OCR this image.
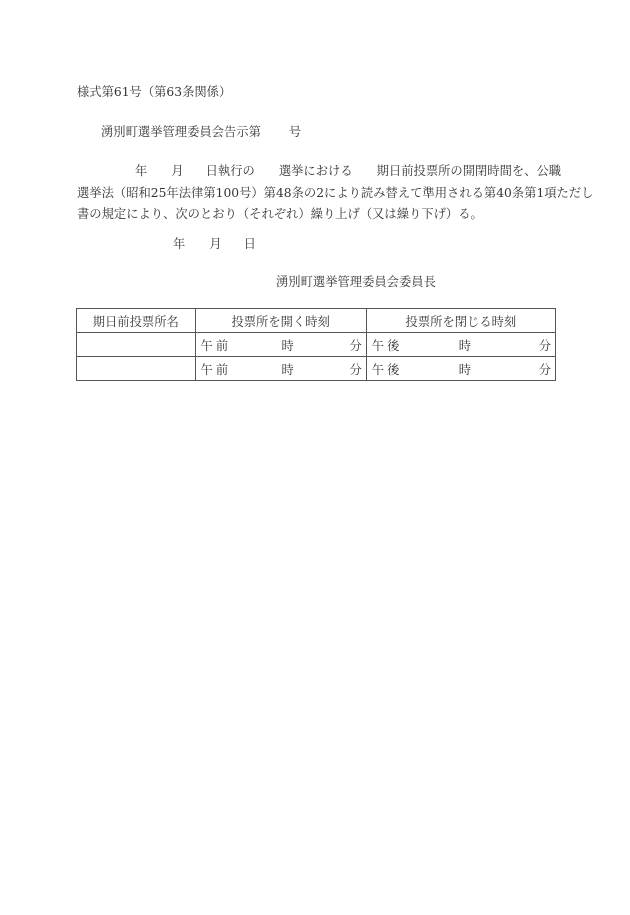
様式第61号（第63条関係）
湧別町選挙管理委員会告示第 号
年 月 日執行の 選挙における 期日前投票所の開閉時間を、公職
選挙法（昭和25年法律第100号）第48条の2により読み替えて準用される第40条第1項ただし
書の規定により、次のとおり（それぞれ）繰り上げ（又は繰り下げ）る。
年 月 日
湧別町選挙管理委員会委員長
期日前投票所名	投票所を開く時刻	投票所を閉じる時刻

	午前 時 分	午後 時 分

	午前 時 分	午後 時 分
